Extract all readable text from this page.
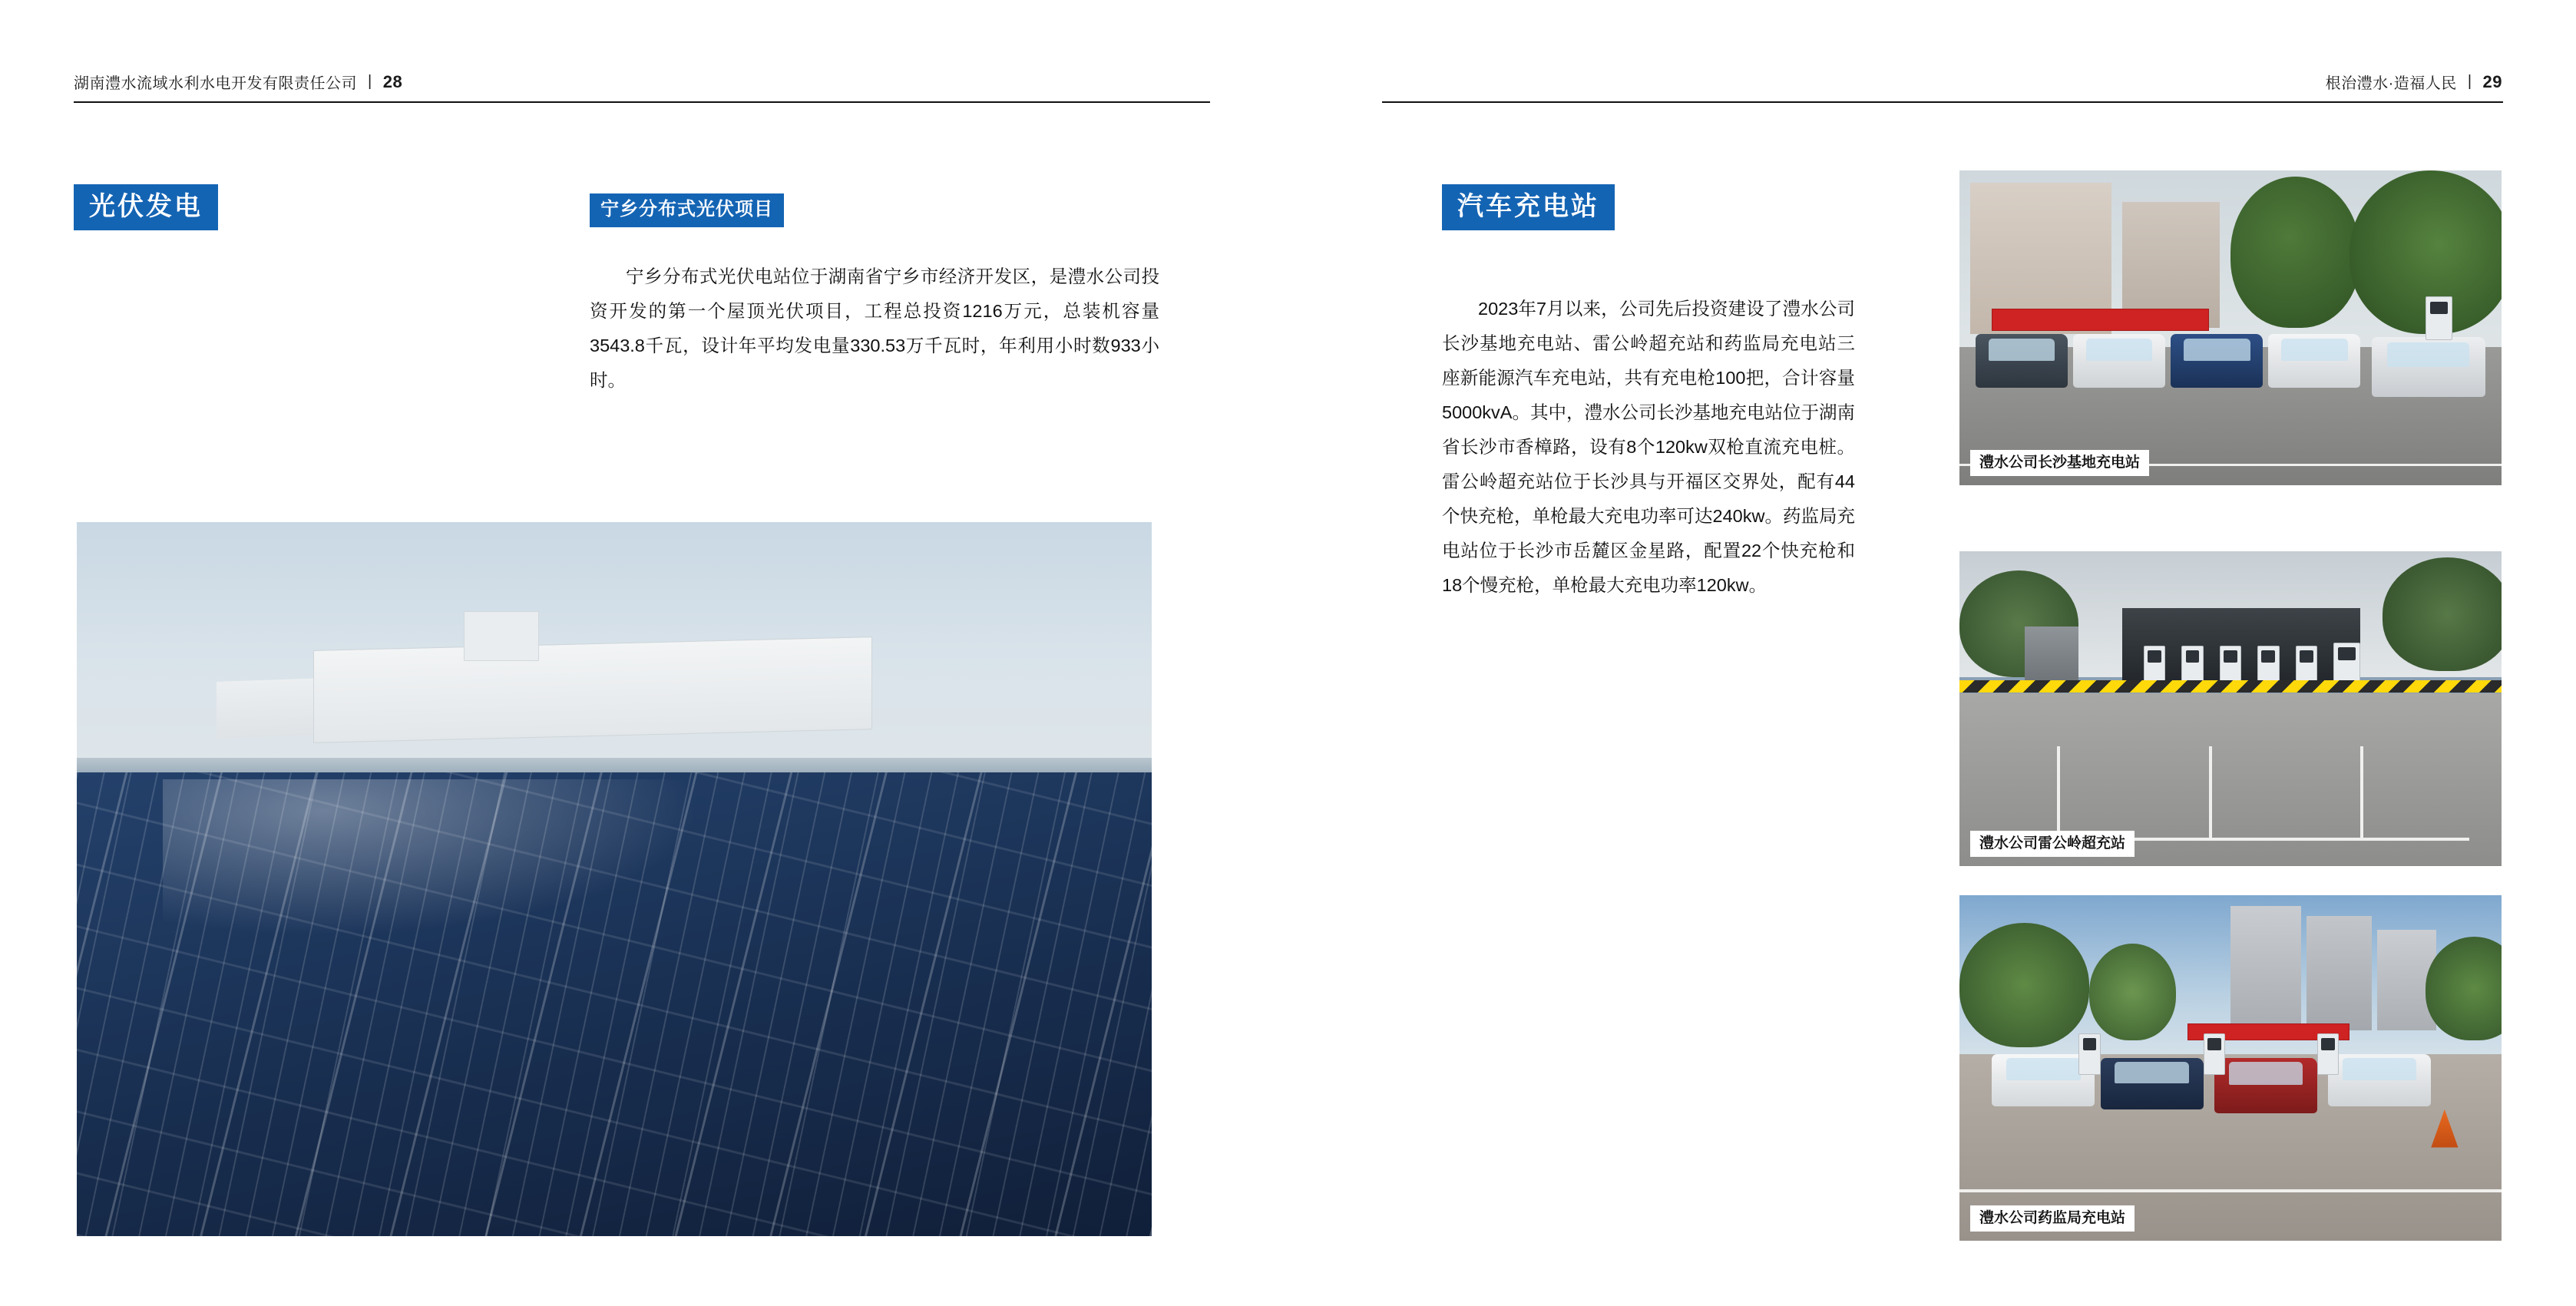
湖南澧水流域水利水电开发有限责任公司 | 28
光伏发电	宁乡分布式光伏项目
宁乡分布式光伏电站位于湖南省宁乡市经济开发区，是澧水公司投资开发的第一个屋顶光伏项目，工程总投资1216万元，总装机容量3543.8千瓦，设计年平均发电量330.53万千瓦时，年利用小时数933小时。
根治澧水·造福人民 | 29
汽车充电站
2023年7月以来，公司先后投资建设了澧水公司长沙基地充电站、雷公岭超充站和药监局充电站三座新能源汽车充电站，共有充电枪100把，合计容量5000kvA。其中，澧水公司长沙基地充电站位于湖南省长沙市香樟路，设有8个120kw双枪直流充电桩。雷公岭超充站位于长沙具与开福区交界处，配有44个快充枪，单枪最大充电功率可达240kw。药监局充电站位于长沙市岳麓区金星路，配置22个快充枪和18个慢充枪，单枪最大充电功率120kw。
澧水公司长沙基地充电站
澧水公司雷公岭超充站
澧水公司药监局充电站
